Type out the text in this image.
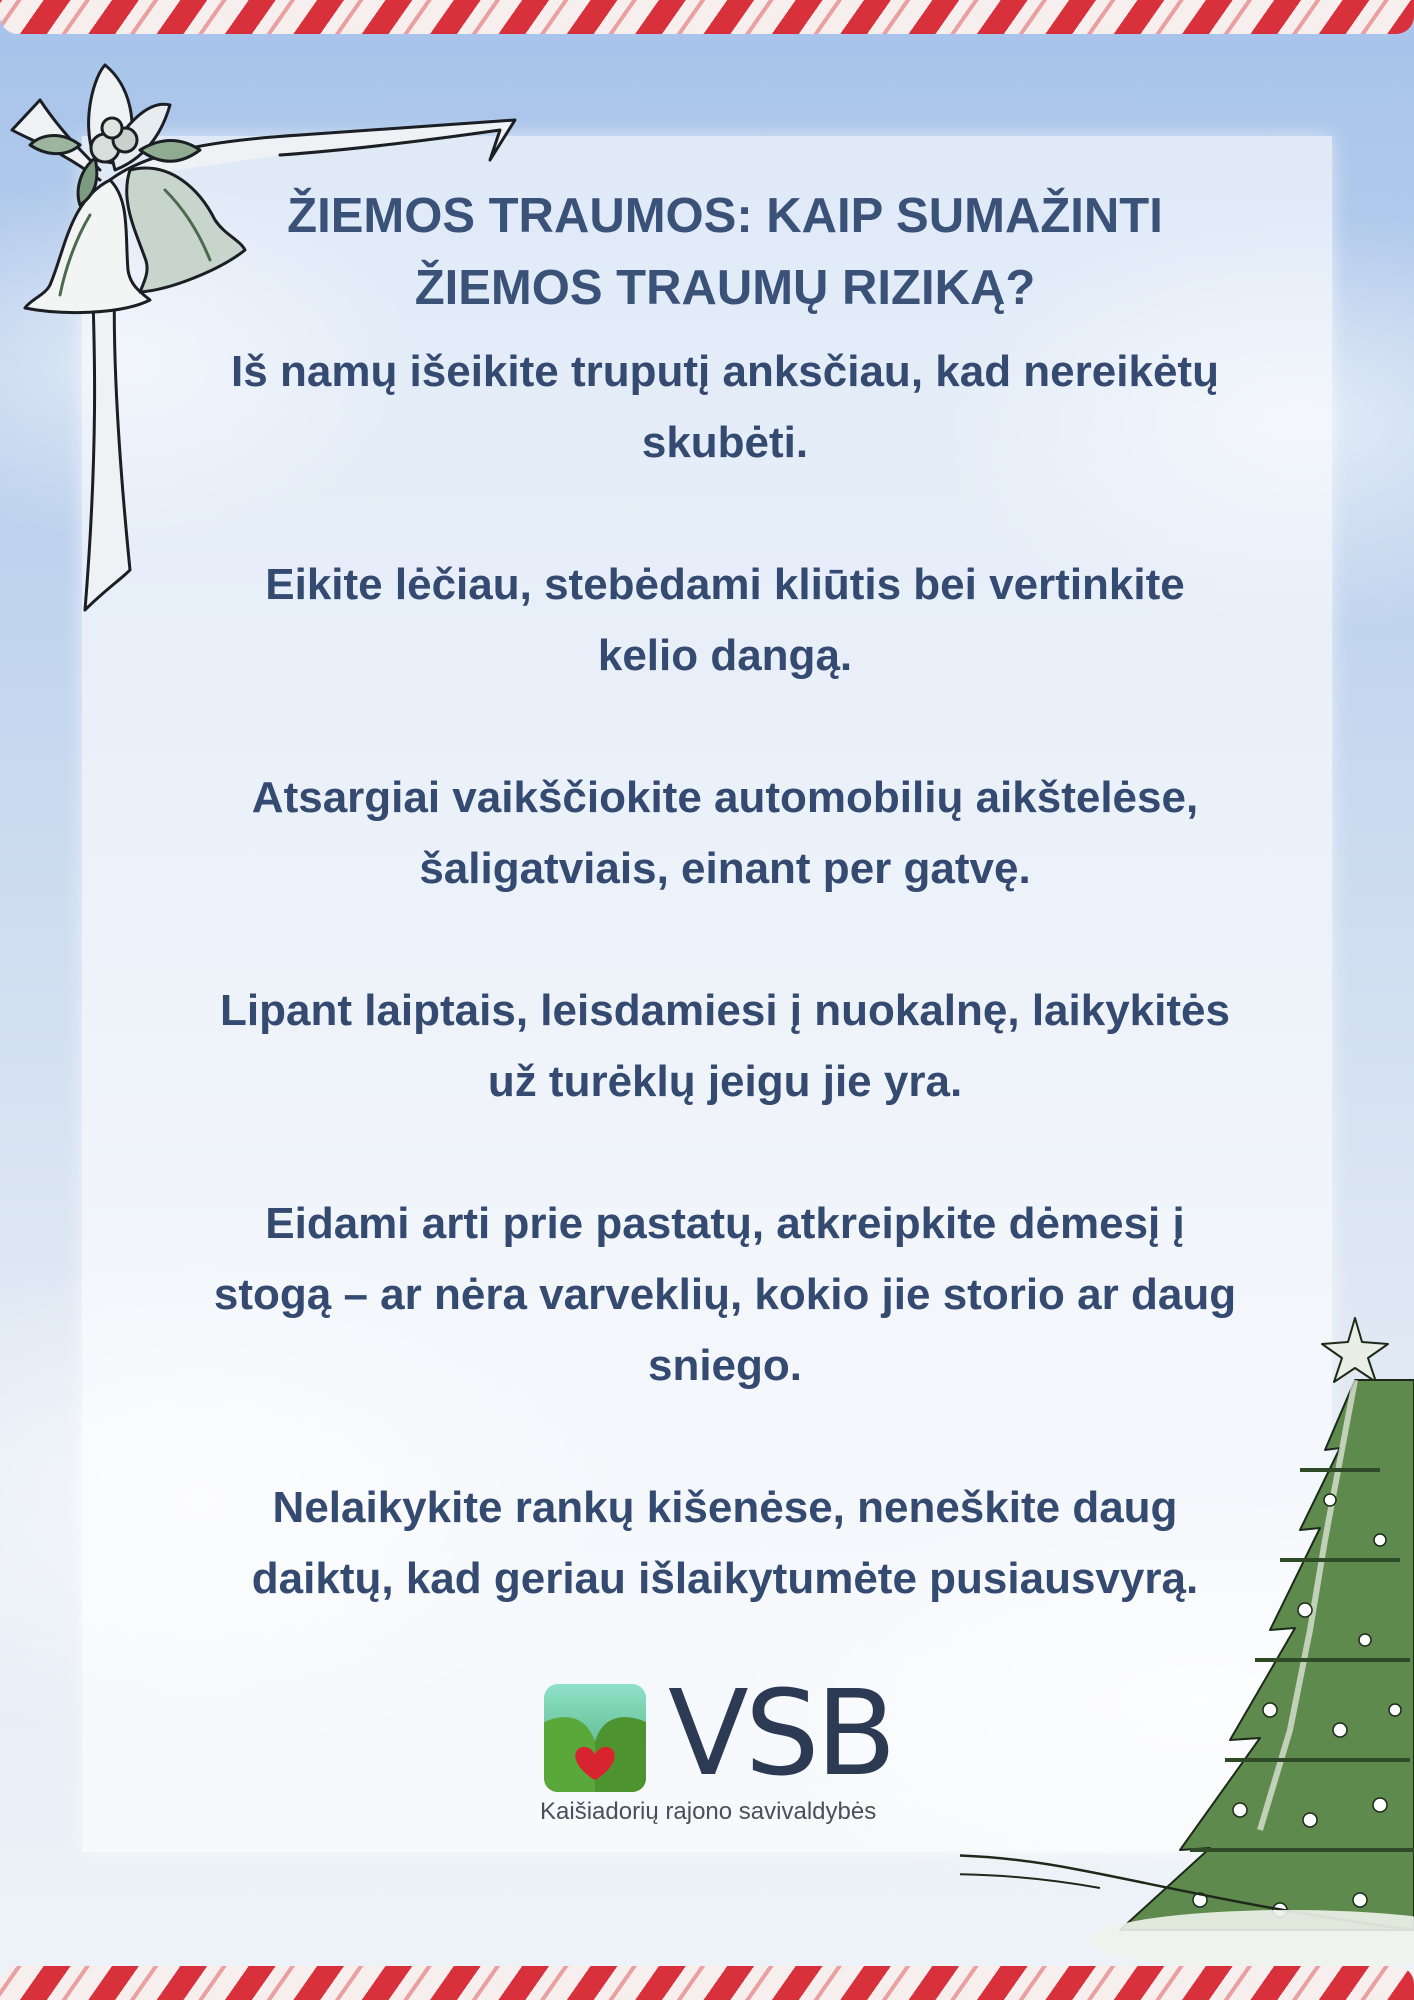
ŽIEMOS TRAUMOS: KAIP SUMAŽINTI
ŽIEMOS TRAUMŲ RIZIKĄ?

Iš namų išeikite truputį anksčiau, kad nereikėtų
skubėti.

Eikite lėčiau, stebėdami kliūtis bei vertinkite
kelio dangą.

Atsargiai vaikščiokite automobilių aikštelėse,
šaligatviais, einant per gatvę.

Lipant laiptais, leisdamiesi į nuokalnę, laikykitės
už turėklų jeigu jie yra.

Eidami arti prie pastatų, atkreipkite dėmesį į
stogą – ar nėra varveklių, kokio jie storio ar daug
sniego.

Nelaikykite rankų kišenėse, neneškite daug
daiktų, kad geriau išlaikytumėte pusiausvyrą.

VSB
Kaišiadorių rajono savivaldybės
